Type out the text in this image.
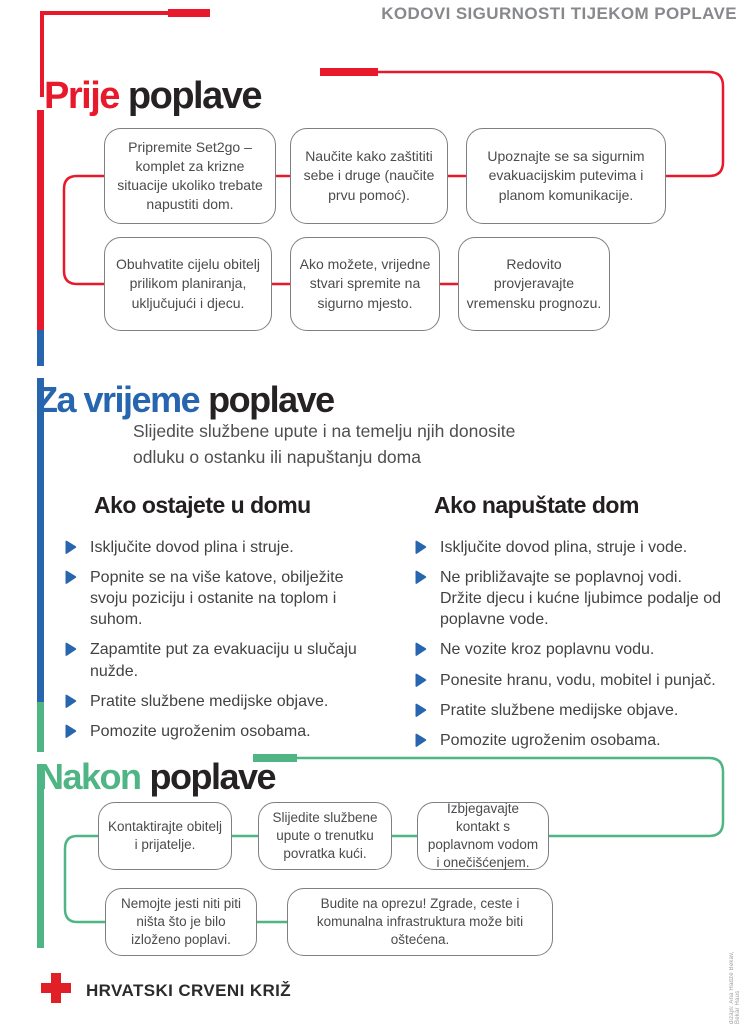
KODOVI SIGURNOSTI TIJEKOM POPLAVE
Prije poplave

Pripremite Set2go – komplet za krizne situacije ukoliko trebate napustiti dom.

Naučite kako zaštititi sebe i druge (naučite prvu pomoć).

Upoznajte se sa sigurnim evakuacijskim putevima i planom komunikacije.

Obuhvatite cijelu obitelj prilikom planiranja, uključujući i djecu.

Ako možete, vrijedne stvari spremite na sigurno mjesto.

Redovito provjeravajte vremensku prognozu.

Za vrijeme poplave
Slijedite službene upute i na temelju njih donosite
odluku o ostanku ili napuštanju doma
Ako ostajete u domu	Ako napuštate dom
Isključite dovod plina i struje.
Popnite se na više katove, obilježite svoju poziciju i ostanite na toplom i suhom.
Zapamtite put za evakuaciju u slučaju nužde.
Pratite službene medijske objave.
Pomozite ugroženim osobama.
Isključite dovod plina, struje i vode.
Ne približavajte se poplavnoj vodi. Držite djecu i kućne ljubimce podalje od poplavne vode.
Ne vozite kroz poplavnu vodu.
Ponesite hranu, vodu, mobitel i punjač.
Pratite službene medijske objave.
Pomozite ugroženim osobama.
Nakon poplave

Kontaktirajte obitelj i prijatelje.

Slijedite službene upute o trenutku povratka kući.

Izbjegavajte kontakt s poplavnom vodom i onečišćenjem.

Nemojte jesti niti piti ništa što je bilo izloženo poplavi.

Budite na oprezu! Zgrade, ceste i komunalna infrastruktura može biti oštećena.

HRVATSKI CRVENI KRIŽ	dizajn: Ana Hadže Bekav, Bekar Haus
